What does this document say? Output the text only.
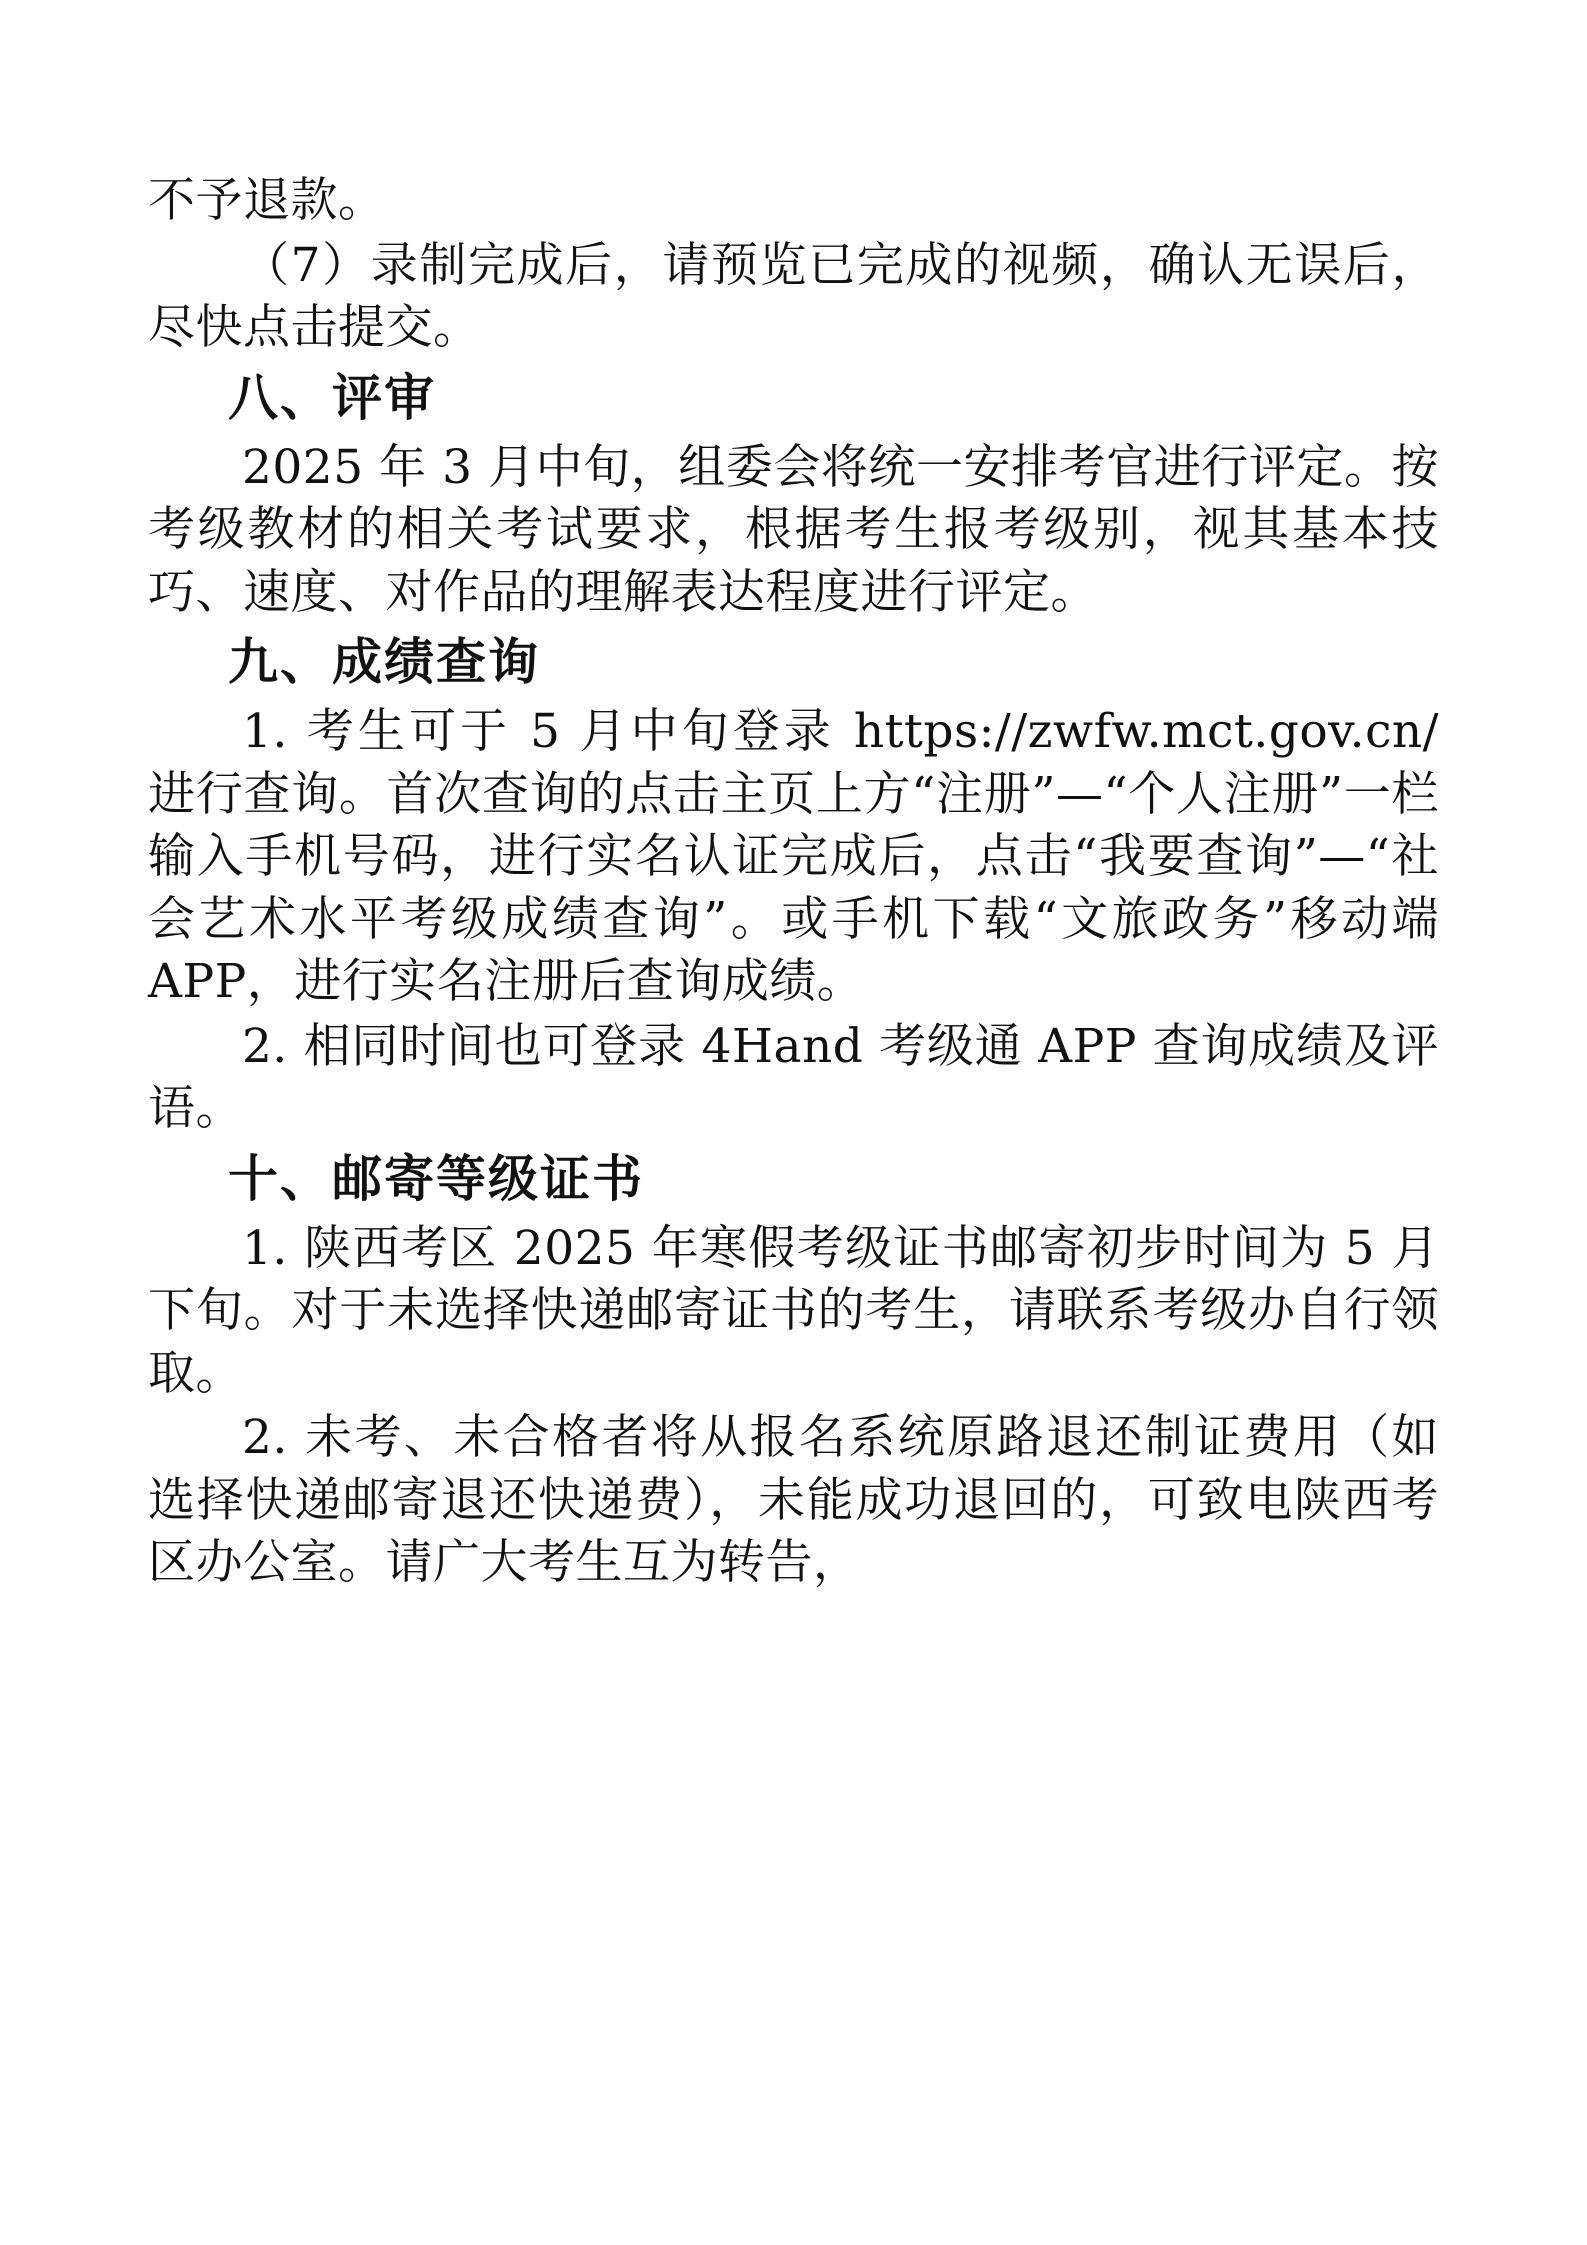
不予退款。

（7）录制完成后，请预览已完成的视频，确认无误后，尽快点击提交。

八、评审

2025 年 3 月中旬，组委会将统一安排考官进行评定。按考级教材的相关考试要求，根据考生报考级别，视其基本技巧、速度、对作品的理解表达程度进行评定。

九、成绩查询

1. 考生可于 5 月中旬登录 https://zwfw.mct.gov.cn/ 进行查询。首次查询的点击主页上方“注册”—“个人注册”一栏输入手机号码，进行实名认证完成后，点击“我要查询”—“社会艺术水平考级成绩查询”。或手机下载“文旅政务”移动端 APP，进行实名注册后查询成绩。

2. 相同时间也可登录 4Hand 考级通 APP 查询成绩及评语。

十、邮寄等级证书

1. 陕西考区 2025 年寒假考级证书邮寄初步时间为 5 月下旬。对于未选择快递邮寄证书的考生，请联系考级办自行领取。

2. 未考、未合格者将从报名系统原路退还制证费用（如选择快递邮寄退还快递费），未能成功退回的，可致电陕西考区办公室。请广大考生互为转告，
